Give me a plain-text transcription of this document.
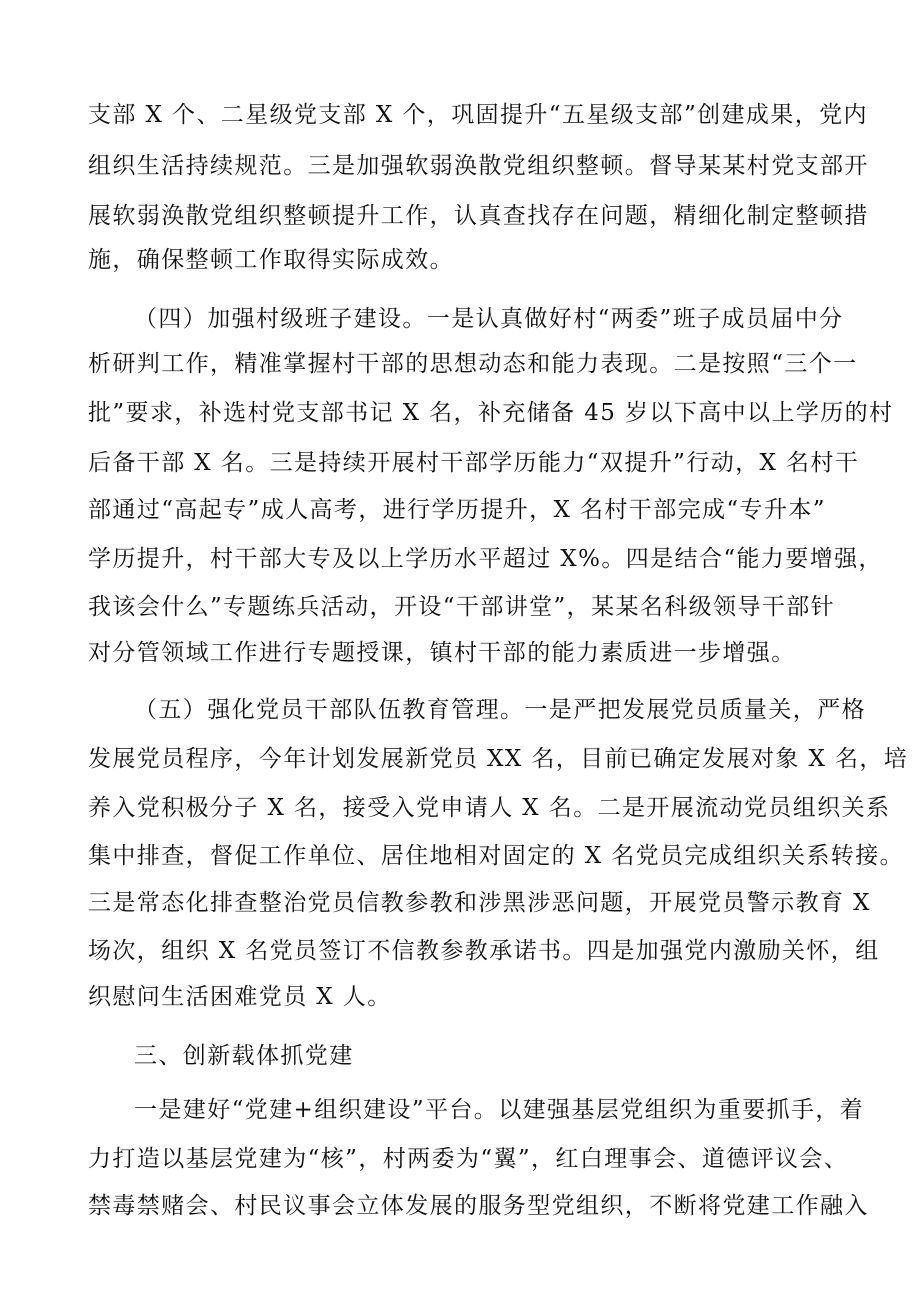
支部 X 个、二星级党支部 X 个，巩固提升“五星级支部”创建成果，党内
组织生活持续规范。三是加强软弱涣散党组织整顿。督导某某村党支部开
展软弱涣散党组织整顿提升工作，认真查找存在问题，精细化制定整顿措
施，确保整顿工作取得实际成效。
（四）加强村级班子建设。一是认真做好村“两委”班子成员届中分
析研判工作，精准掌握村干部的思想动态和能力表现。二是按照“三个一
批”要求，补选村党支部书记 X 名，补充储备 45 岁以下高中以上学历的村
后备干部 X 名。三是持续开展村干部学历能力“双提升”行动，X 名村干
部通过“高起专”成人高考，进行学历提升，X 名村干部完成“专升本”
学历提升，村干部大专及以上学历水平超过 X%。四是结合“能力要增强，
我该会什么”专题练兵活动，开设“干部讲堂”，某某名科级领导干部针
对分管领域工作进行专题授课，镇村干部的能力素质进一步增强。
（五）强化党员干部队伍教育管理。一是严把发展党员质量关，严格
发展党员程序，今年计划发展新党员 XX 名，目前已确定发展对象 X 名，培
养入党积极分子 X 名，接受入党申请人 X 名。二是开展流动党员组织关系
集中排查，督促工作单位、居住地相对固定的 X 名党员完成组织关系转接。
三是常态化排查整治党员信教参教和涉黑涉恶问题，开展党员警示教育 X
场次，组织 X 名党员签订不信教参教承诺书。四是加强党内激励关怀，组
织慰问生活困难党员 X 人。
三、创新载体抓党建
一是建好“党建+组织建设”平台。以建强基层党组织为重要抓手，着
力打造以基层党建为“核”，村两委为“翼”，红白理事会、道德评议会、
禁毒禁赌会、村民议事会立体发展的服务型党组织，不断将党建工作融入
